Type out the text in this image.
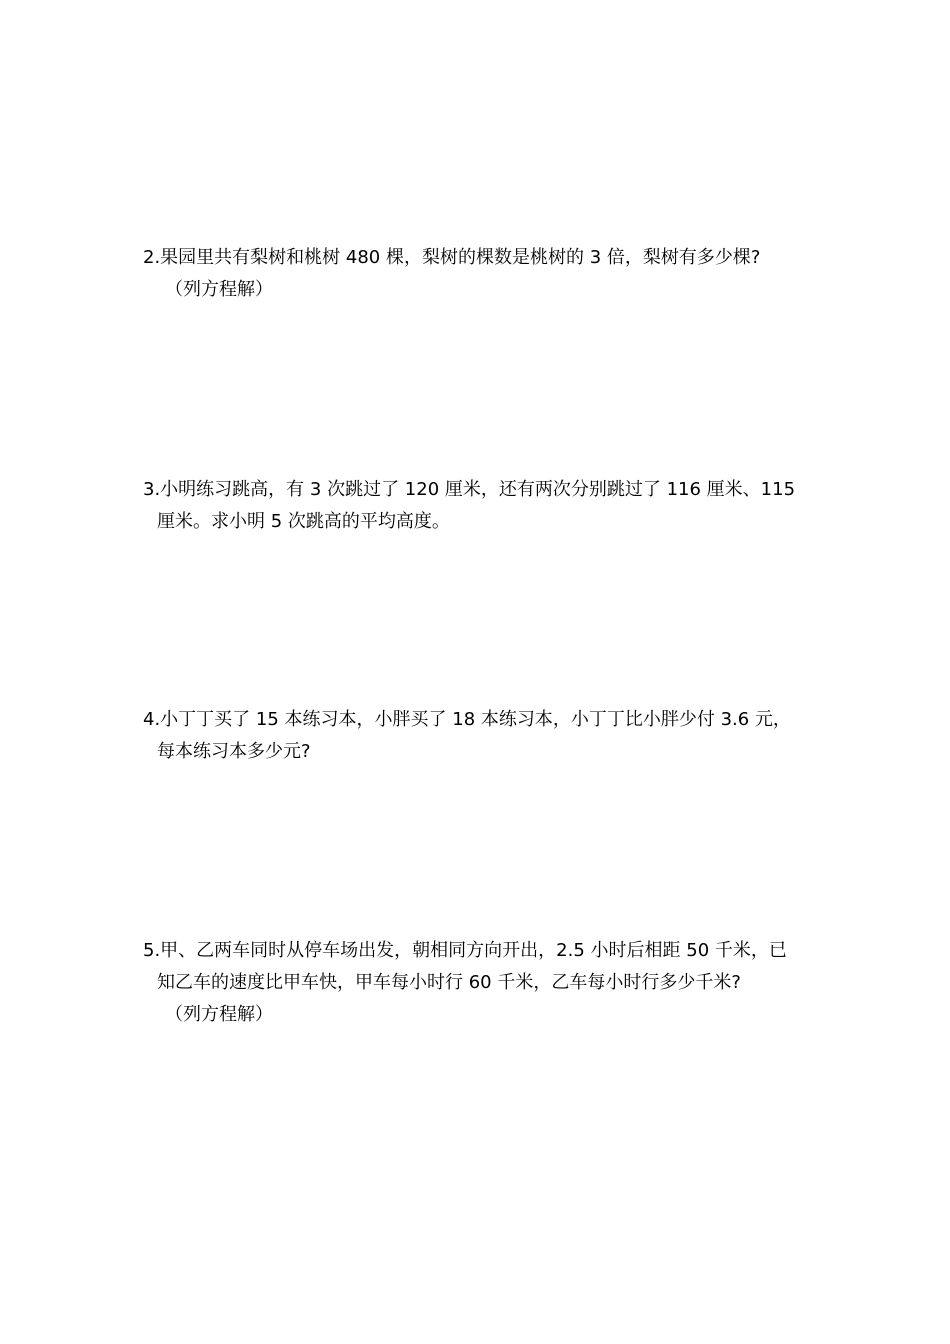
2.果园里共有梨树和桃树 480 棵，梨树的棵数是桃树的 3 倍，梨树有多少棵?
（列方程解）
3.小明练习跳高，有 3 次跳过了 120 厘米，还有两次分别跳过了 116 厘米、115
厘米。求小明 5 次跳高的平均高度。
4.小丁丁买了 15 本练习本，小胖买了 18 本练习本，小丁丁比小胖少付 3.6 元，
每本练习本多少元?
5.甲、乙两车同时从停车场出发，朝相同方向开出，2.5 小时后相距 50 千米，已
知乙车的速度比甲车快，甲车每小时行 60 千米，乙车每小时行多少千米?
（列方程解）
